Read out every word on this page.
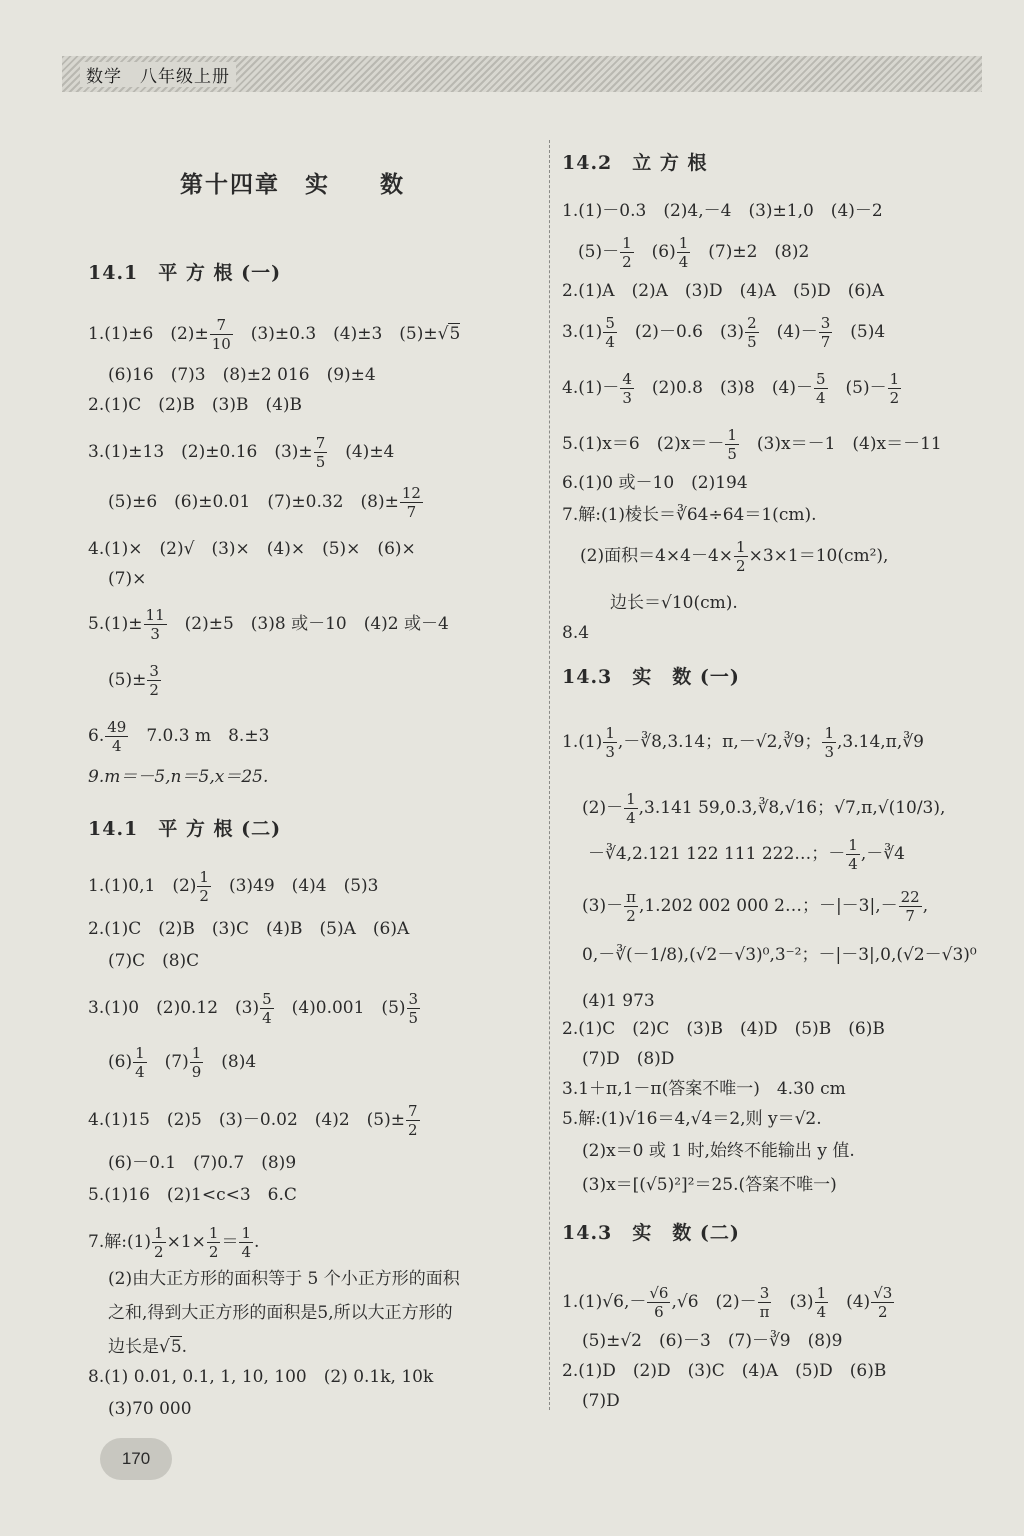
数学　八年级上册
第十四章　实　　数
14.1　平 方 根 (一)
1.(1)±6　$(2)\pm \frac{7}{10}$ 　(3)±0.3　(4)±3　(5)±√5
(6)16　(7)3　(8)±2 016　(9)±4
2.(1)C　(2)B　(3)B　(4)B
3.(1)±13　(2)±0.16　$(3)\pm \frac{7}{5}$ 　(4)±4
(5)±6　(6)±0.01　(7)±0.32　$(8)\pm \frac{12}{7}$
4.(1)×　(2)√　(3)×　(4)×　(5)×　(6)×
(7)×
$5.(1)\pm \frac{11}{3}$ 　(2)±5　(3)8 或－10　(4)2 或－4
$(5)\pm \frac{3}{2}$
6. $\frac{49}{4}$ 　7.0.3 m　8.±3
9.m＝－5,n＝5,x＝25.
14.1　平 方 根 (二)
1.(1)0,1　$(2) \frac{1}{2}$ 　(3)49　(4)4　(5)3
2.(1)C　(2)B　(3)C　(4)B　(5)A　(6)A
(7)C　(8)C
3.(1)0　(2)0.12　$(3) \frac{5}{4}$ 　(4)0.001　$(5) \frac{3}{5}$
$(6) \frac{1}{4}$ 　$(7) \frac{1}{9}$ 　(8)4
4.(1)15　(2)5　(3)－0.02　(4)2　$(5)\pm \frac{7}{2}$
(6)－0.1　(7)0.7　(8)9
5.(1)16　(2)1<c<3　6.C
7.解:(1) $\frac{1}{2} \times 1\times \frac{1}{2} = \frac{1}{4}$ .
(2)由大正方形的面积等于 5 个小正方形的面积
之和,得到大正方形的面积是5,所以大正方形的
边长是√5.
8.(1) 0.01, 0.1, 1, 10, 100　(2) 0.1k, 10k
(3)70 000
14.2　立 方 根
1.(1)－0.3　(2)4,－4　(3)±1,0　(4)－2
$(5)- \frac{1}{2}$ 　$(6) \frac{1}{4}$ 　(7)±2　(8)2
2.(1)A　(2)A　(3)D　(4)A　(5)D　(6)A
$3.(1) \frac{5}{4}$ 　(2)－0.6　$(3) \frac{2}{5}$ 　$(4)- \frac{3}{7}$ 　(5)4
$4.(1)- \frac{4}{3}$ 　(2)0.8　(3)8　$(4)- \frac{5}{4}$ 　$(5)- \frac{1}{2}$
5.(1)x＝6　$(2)x=- \frac{1}{5}$ 　(3)x＝－1　(4)x＝－11
6.(1)0 或－10　(2)194
7.解:(1)棱长＝∛64÷64＝1(cm).
(2)面积$=4\times 4-4\times \frac{1}{2} \times 3\times 1=10(cm^2)$,
边长＝√10(cm).
8.4
14.3　实　数 (一)
$1.(1) \frac{1}{3}$ ,－∛8,3.14；π,－√2,∛9； $\frac{1}{3}$ ,3.14,π,∛9
$(2)- \frac{1}{4} ,3.141$ 59,0.3̇,∛8,√16；√7,π,√(10/3),
－∛4,2.121 122 111 222…；－ $\frac{1}{4}$ ,－∛4
$(3)- \frac{\pi}{2} ,1.202$ 002 000 2…；$-|-3|,- \frac{22}{7}$ ,
0,－∛(－1/8),(√2－√3)⁰,3⁻²；－|－3|,0,(√2－√3)⁰
(4)1 973
2.(1)C　(2)C　(3)B　(4)D　(5)B　(6)B
(7)D　(8)D
3.1＋π,1－π(答案不唯一)　4.30 cm
5.解:(1)√16＝4,√4＝2,则 y＝√2.
(2)x＝0 或 1 时,始终不能输出 y 值.
(3)x＝[(√5)²]²＝25.(答案不唯一)
14.3　实　数 (二)
$1.(1)√6,- \frac{√6}{6} ,√6$　$(2)- \frac{3}{\pi}$ 　$(3) \frac{1}{4}$ 　$(4) \frac{√3}{2}$
(5)±√2　(6)－3　(7)－∛9　(8)9
2.(1)D　(2)D　(3)C　(4)A　(5)D　(6)B
(7)D
170
